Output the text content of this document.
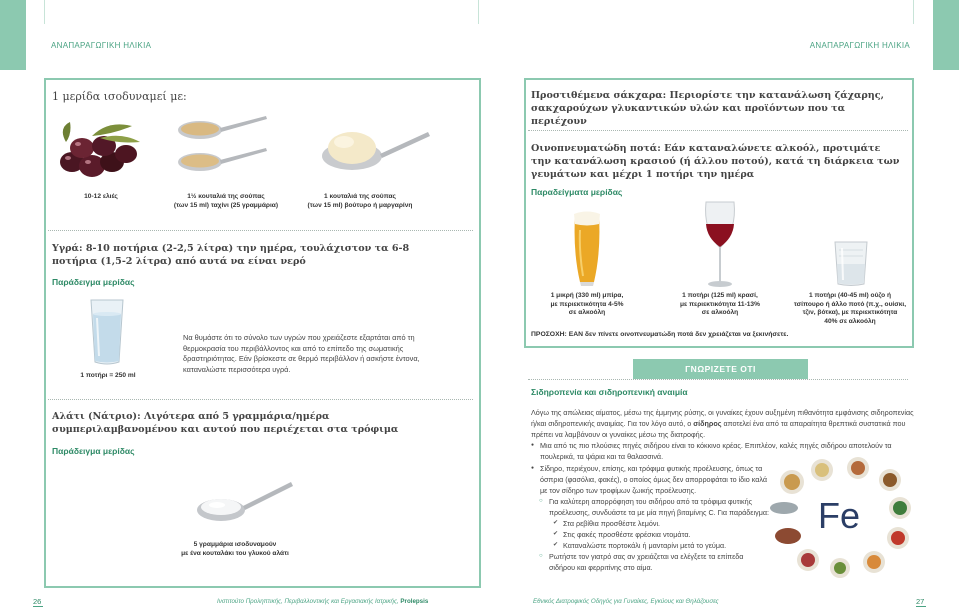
ΑΝΑΠΑΡΑΓΩΓΙΚΗ ΗΛΙΚΙΑ	ΑΝΑΠΑΡΑΓΩΓΙΚΗ ΗΛΙΚΙΑ
1 μερίδα ισοδυναμεί με:
10-12 ελιές	1½ κουταλιά της σούπας
(των 15 ml) ταχίνι (25 γραμμάρια)
1 κουταλιά της σούπας
(των 15 ml) βούτυρο ή μαργαρίνη
Υγρά: 8-10 ποτήρια (2-2,5 λίτρα) την ημέρα, τουλάχιστον τα 6-8 ποτήρια (1,5-2 λίτρα) από αυτά να είναι νερό
Παράδειγμα μερίδας
1 ποτήρι = 250 ml
Να θυμάστε ότι το σύνολο των υγρών που χρειάζεστε εξαρτάται από τη θερμοκρασία του περιβάλλοντος και από το επίπεδο της σωματικής δραστηριότητας. Εάν βρίσκεστε σε θερμό περιβάλλον ή ασκήστε έντονα, καταναλώστε περισσότερα υγρά.
Αλάτι (Νάτριο): Λιγότερα από 5 γραμμάρια/ημέρα συμπεριλαμβανομένου και αυτού που περιέχεται στα τρόφιμα
Παράδειγμα μερίδας
5 γραμμάρια ισοδυναμούν
με ένα κουταλάκι του γλυκού αλάτι
Προστιθέμενα σάκχαρα: Περιορίστε την κατανάλωση ζάχαρης, σακχαρούχων γλυκαντικών υλών και προϊόντων που τα περιέχουν
Οινοπνευματώδη ποτά: Εάν καταναλώνετε αλκοόλ, προτιμάτε την κατανάλωση κρασιού (ή άλλου ποτού), κατά τη διάρκεια των γευμάτων και μέχρι 1 ποτήρι την ημέρα
Παραδείγματα μερίδας
1 μικρή (330 ml) μπίρα,
με περιεκτικότητα 4-5%
σε αλκοόλη
1 ποτήρι (125 ml) κρασί,
με περιεκτικότητα 11-13%
σε αλκοόλη
1 ποτήρι (40-45 ml) ούζο ή
τσίπουρο ή άλλο ποτό (π.χ., ουίσκι,
τζιν, βότκα), με περιεκτικότητα
40% σε αλκοόλη
ΠΡΟΣΟΧΗ: ΕΑΝ δεν πίνετε οινοπνευματώδη ποτά δεν χρειάζεται να ξεκινήσετε.
ΓΝΩΡΙΖΕΤΕ ΟΤΙ
Σιδηροπενία και σιδηροπενική αναιμία
Λόγω της απώλειας αίματος, μέσω της έμμηνης ρύσης, οι γυναίκες έχουν αυξημένη πιθανότητα εμφάνισης σιδηροπενίας ή/και σιδηροπενικής αναιμίας. Για τον λόγο αυτό, ο σίδηρος αποτελεί ένα από τα απαραίτητα θρεπτικά συστατικά που πρέπει να λαμβάνουν οι γυναίκες μέσω της διατροφής.
● Μια από τις πιο πλούσιες πηγές σιδήρου είναι το κόκκινο κρέας. Επιπλέον, καλές πηγές σιδήρου αποτελούν τα πουλερικά, τα ψάρια και τα θαλασσινά.
● Σίδηρο, περιέχουν, επίσης, και τρόφιμα φυτικής προέλευσης, όπως τα όσπρια (φασόλια, φακές), ο οποίος όμως δεν απορροφάται το ίδιο καλά με τον σίδηρο των τροφίμων ζωικής προέλευσης.
○ Για καλύτερη απορρόφηση του σιδήρου από τα τρόφιμα φυτικής προέλευσης, συνδυάστε τα με μία πηγή βιταμίνης C. Για παράδειγμα:
✔ Στα ρεβίθια προσθέστε λεμόνι.
✔ Στις φακές προσθέστε φρέσκια ντομάτα.
✔ Καταναλώστε πορτοκάλι ή μανταρίνι μετά το γεύμα.
○ Ρωτήστε τον γιατρό σας αν χρειάζεται να ελέγξετε τα επίπεδα σιδήρου και φερριτίνης στο αίμα.
Fe
26	Ινστιτούτο Προληπτικής, Περιβαλλοντικής και Εργασιακής Ιατρικής, Prolepsis	Εθνικός Διατροφικός Οδηγός για Γυναίκες, Εγκύους και Θηλάζουσες	27
